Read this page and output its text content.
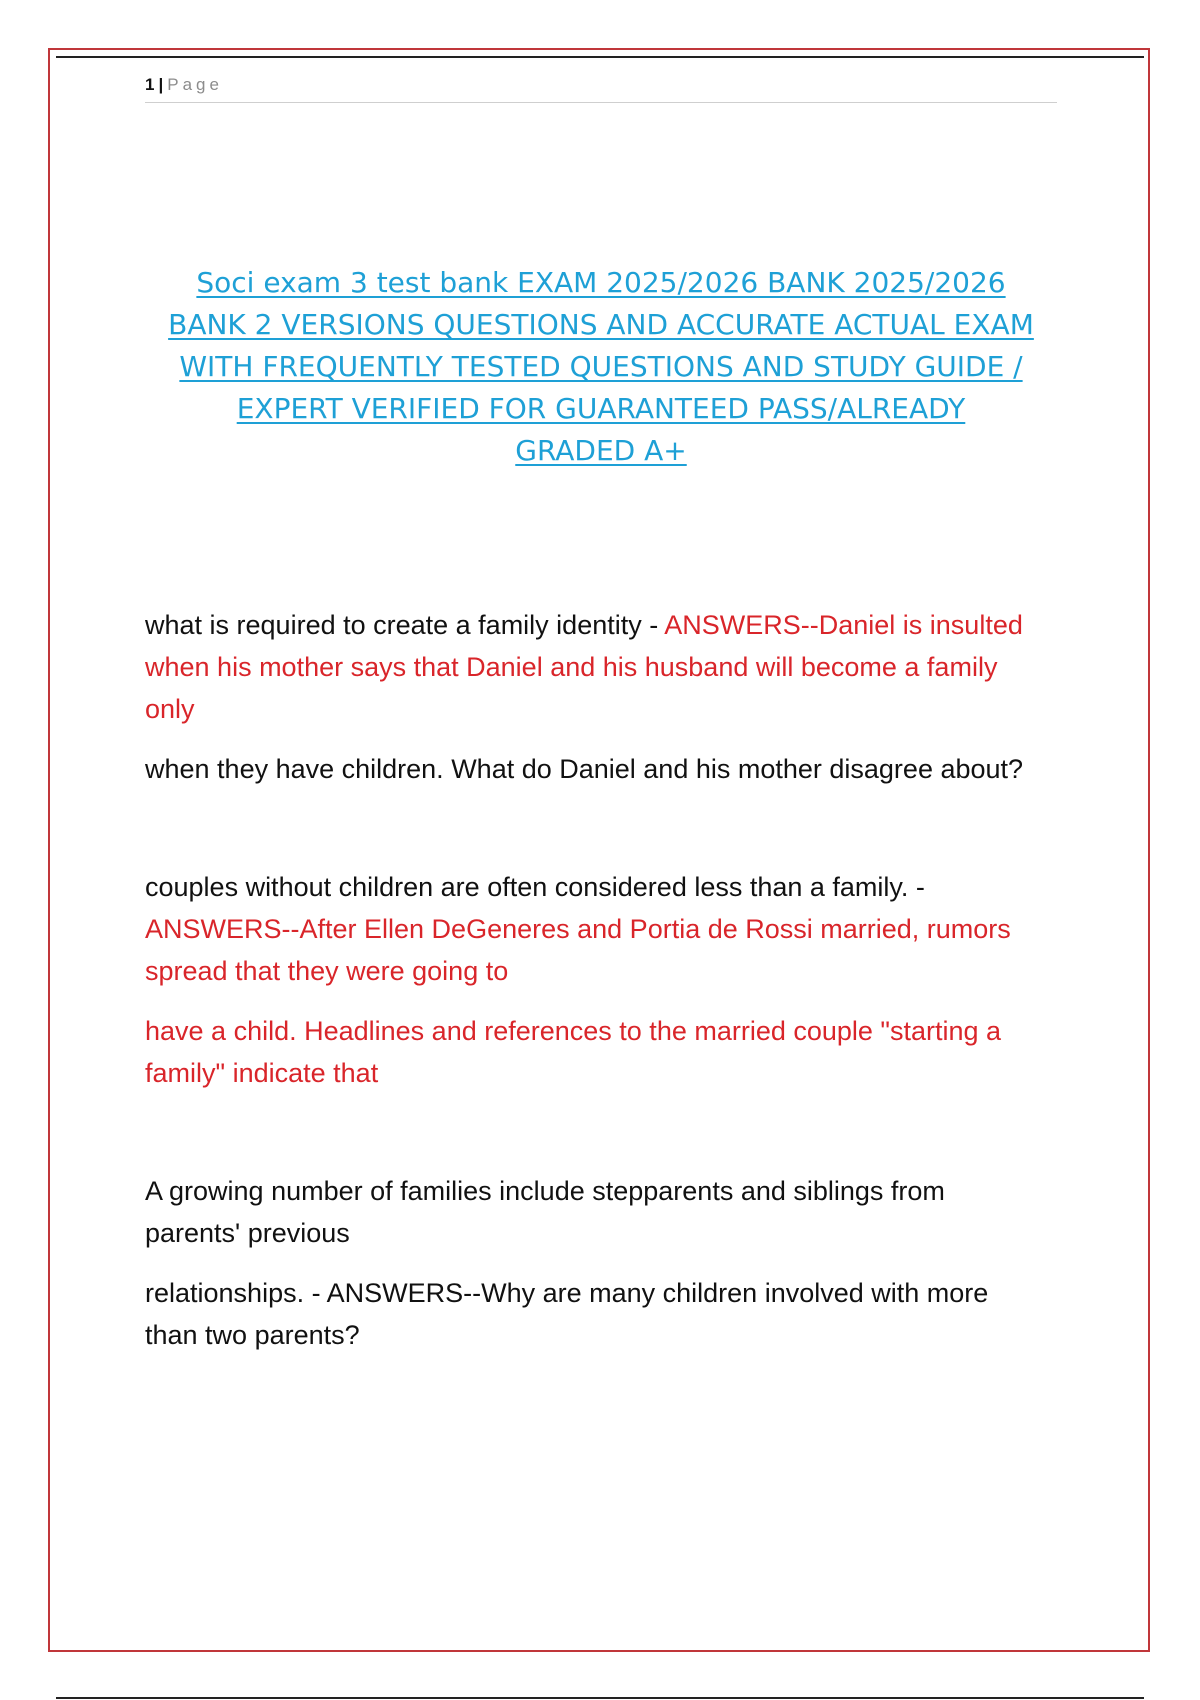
1 | Page
Soci exam 3 test bank EXAM 2025/2026 BANK 2025/2026
BANK 2 VERSIONS QUESTIONS AND ACCURATE ACTUAL EXAM
WITH FREQUENTLY TESTED QUESTIONS AND STUDY GUIDE /
EXPERT VERIFIED FOR GUARANTEED PASS/ALREADY
GRADED A+

what is required to create a family identity - ANSWERS--Daniel is insulted when his mother says that Daniel and his husband will become a family only

when they have children. What do Daniel and his mother disagree about?

couples without children are often considered less than a family. - ANSWERS--After Ellen DeGeneres and Portia de Rossi married, rumors spread that they were going to

have a child. Headlines and references to the married couple "starting a family" indicate that

A growing number of families include stepparents and siblings from parents' previous

relationships. - ANSWERS--Why are many children involved with more than two parents?
